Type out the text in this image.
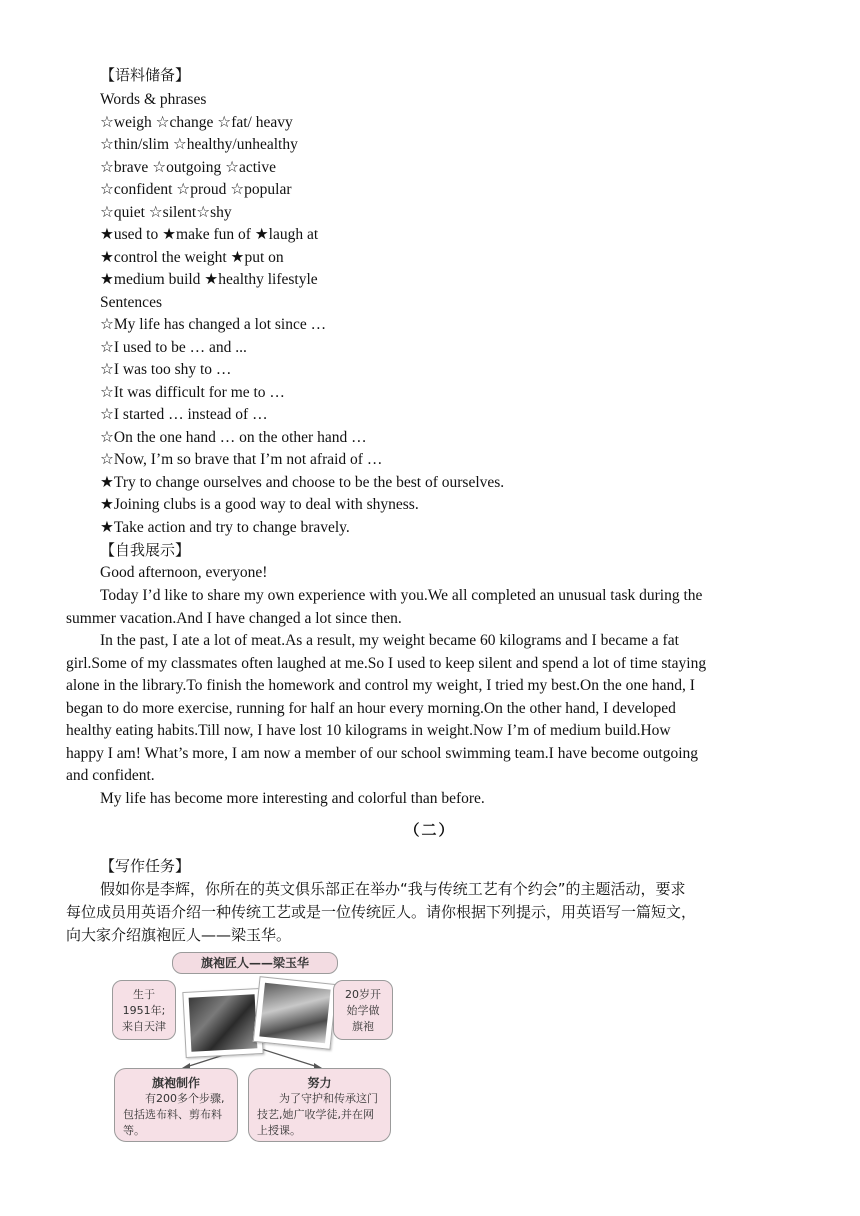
【语料储备】
Words & phrases
☆weigh ☆change ☆fat/ heavy
☆thin/slim ☆healthy/unhealthy
☆brave ☆outgoing ☆active
☆confident ☆proud ☆popular
☆quiet ☆silent☆shy
★used to ★make fun of ★laugh at
★control the weight ★put on
★medium build ★healthy lifestyle
Sentences
☆My life has changed a lot since …
☆I used to be … and ...
☆I was too shy to …
☆It was difficult for me to …
☆I started … instead of …
☆On the one hand … on the other hand …
☆Now, I’m so brave that I’m not afraid of …
★Try to change ourselves and choose to be the best of ourselves.
★Joining clubs is a good way to deal with shyness.
★Take action and try to change bravely.
【自我展示】
Good afternoon, everyone!
Today I’d like to share my own experience with you.We all completed an unusual task during the
summer vacation.And I have changed a lot since then.
In the past, I ate a lot of meat.As a result, my weight became 60 kilograms and I became a fat
girl.Some of my classmates often laughed at me.So I used to keep silent and spend a lot of time staying
alone in the library.To finish the homework and control my weight, I tried my best.On the one hand, I
began to do more exercise, running for half an hour every morning.On the other hand, I developed
healthy eating habits.Till now, I have lost 10 kilograms in weight.Now I’m of medium build.How
happy I am! What’s more, I am now a member of our school swimming team.I have become outgoing
and confident.
My life has become more interesting and colorful than before.
（二）
【写作任务】
假如你是李辉，你所在的英文俱乐部正在举办“我与传统工艺有个约会”的主题活动，要求
每位成员用英语介绍一种传统工艺或是一位传统匠人。请你根据下列提示，用英语写一篇短文，
向大家介绍旗袍匠人——梁玉华。
旗袍匠人——梁玉华
生于
1951年;
来自天津
20岁开
始学做
旗袍
旗袍制作
有200多个步骤,包括选布料、剪布料等。
努力
为了守护和传承这门技艺,她广收学徒,并在网上授课。
